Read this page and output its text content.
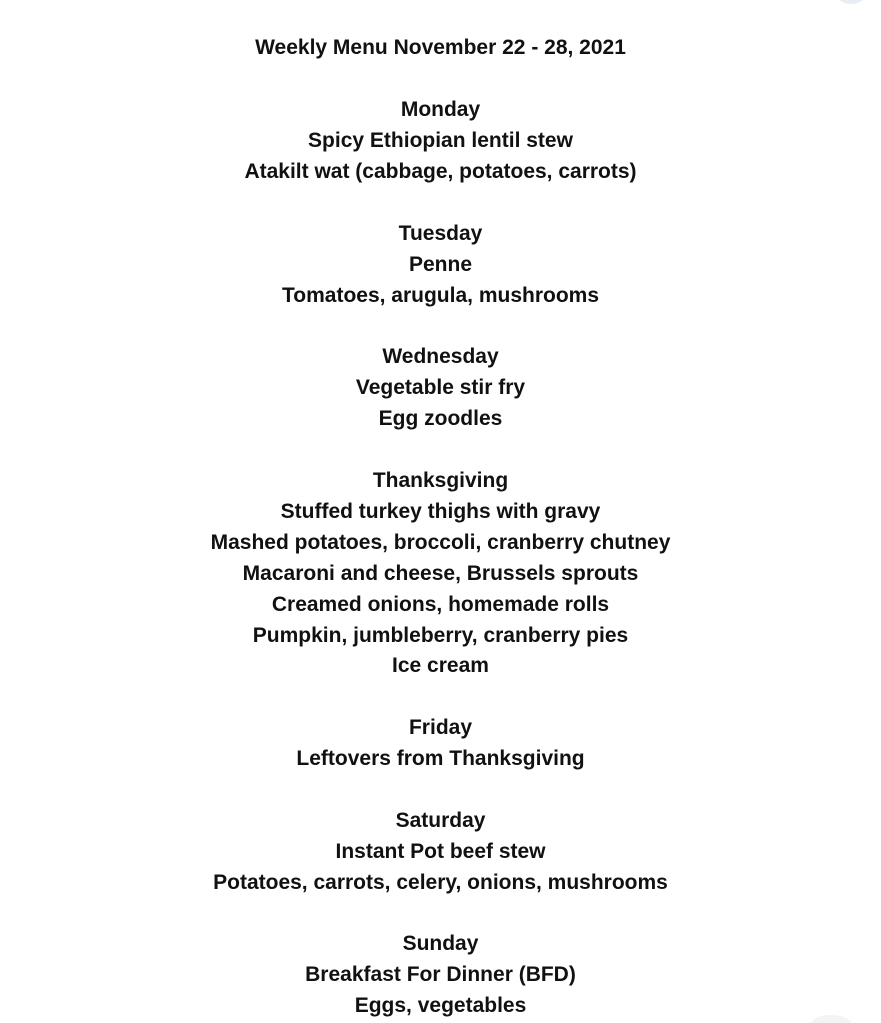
Weekly Menu November 22 - 28, 2021
Monday
Spicy Ethiopian lentil stew
Atakilt wat (cabbage, potatoes, carrots)
Tuesday
Penne
Tomatoes, arugula, mushrooms
Wednesday
Vegetable stir fry
Egg zoodles
Thanksgiving
Stuffed turkey thighs with gravy
Mashed potatoes, broccoli, cranberry chutney
Macaroni and cheese, Brussels sprouts
Creamed onions, homemade rolls
Pumpkin, jumbleberry, cranberry pies
Ice cream
Friday
Leftovers from Thanksgiving
Saturday
Instant Pot beef stew
Potatoes, carrots, celery, onions, mushrooms
Sunday
Breakfast For Dinner (BFD)
Eggs, vegetables
